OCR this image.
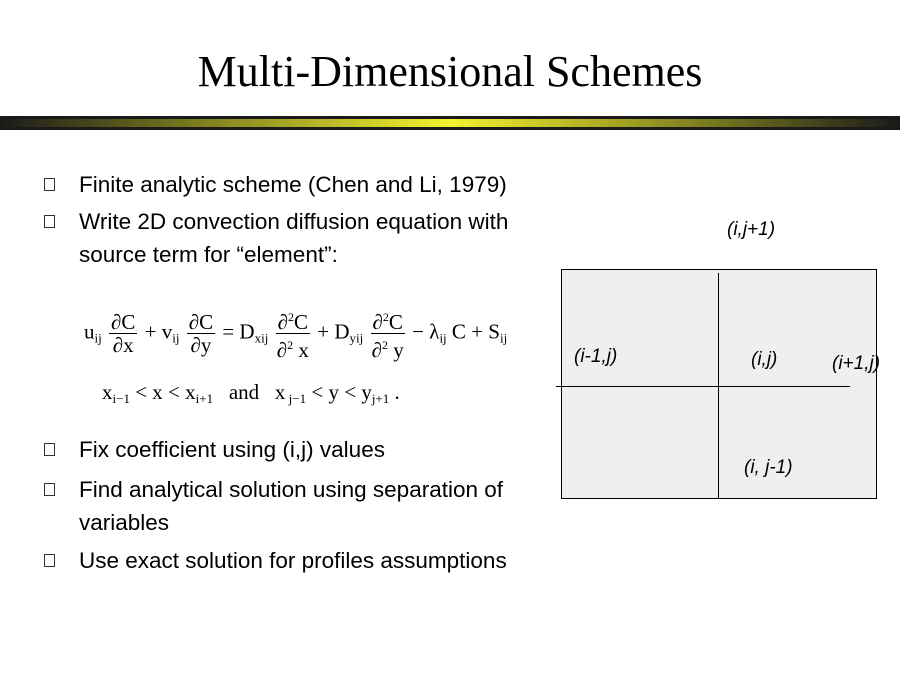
Multi-Dimensional Schemes
Finite analytic scheme (Chen and Li, 1979)
Write 2D convection diffusion equation with
source term for “element”:
Fix coefficient using (i,j) values
Find analytical solution using separation of
variables
Use exact solution for profiles assumptions
$u_{ij} \frac{\partial C}{\partial x} + v_{ij} \frac{\partial C}{\partial y} = D_{xij} \frac{\partial^2C}{\partial^2 x} + D_{yij} \frac{\partial^2C}{\partial^2 y} - \lambda_{ij}$ $C + S_{ij}$
$x_{i-1} < x < x_{i+1}$ and x $_{j-1} < y < y_{j+1}$ .
(i,j+1)
(i-1,j)	(i,j)	(i+1,j)
(i, j-1)
